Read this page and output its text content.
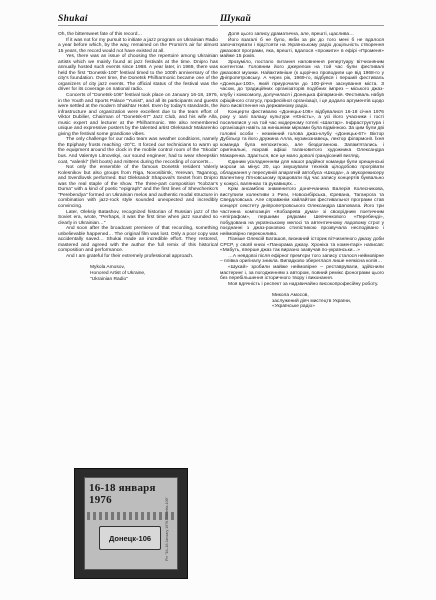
Shukai

Oh, the bittersweet fate of this record…

If it was not for my pursuit to initiate a jazz program on Ukrainian Radio a year before which, by the way, remained on the Promin's air for almost 15 years, the record would not have existed at all.

Yes, there was an issue of choosing the repertoire among Ukrainian artists which we mainly found at jazz festivals at the time. Dnipro has annually hosted such events since 1968. A year later, in 1969, there was held the first "Donetsk-100" festival timed to the 100th anniversary of the city's foundation. Over time, the Donetsk Philharmonic became one of the organizers of city jazz events. The official status of the festival was the driver for its coverage on national radio.

Concerts of "Donetsk-106" festival took place on January 16-18, 1976, in the Youth and Sports Palace "Yunist", and all its participants and guests were settled at the modern Shakhtar Hotel. Even by today's standards, the infrastructure and organization were excellent due to the team effort of Viktor Dubilier, Chairman of "Donetsk-67" Jazz Club, and his wife Alla, music expert and lecturer at the Philharmonic. We also remembered unique and expressive posters by the talented artist Oleksandr Makarenko giving the festival some grandiose vibes.

The only challenge for our radio team was weather conditions, namely the Epiphany frosts reaching -20°C. It forced our technicians to warm up the equipment around the clock in the mobile control room of the "Skoda" bus. And Valentyn Litnovskyi, our sound engineer, had to wear sheepskin coat, "valenki" (felt boots) and mittens during the recording of concerts…

Not only the ensemble of the famous Donetsk resident Valeriy Kolesnikov but also groups from Riga, Novosibirsk, Yerevan, Taganrog, and Sverdlovsk performed. But Oleksandr Shapoval's Sextet from Dnipro was the real staple of the show. The three-part composition "Kobzar's Duma" with a kind of poetic "epigraph" and the first lines of Shevchenko's "Perebendya" formed on Ukrainian melos and authentic modal structure in combination with jazz-rock style sounded unexpected and incredibly convincing.

Later, Oleksiy Batashov, recognized historian of Russian jazz of the Soviet era, wrote, "Perhaps, it was the first time when jazz sounded so clearly in Ukrainian…"

And soon after the broadcast premiere of that recording, something unbelievable happened… The original film was lost. Only a poor copy was accidentally saved… Shukai made an incredible effort. They restored, mastered and agreed with the author the full remix of this historical composition and performance.

And I am grateful for their extremely professional approach.

Mykola Amosov,
Honored Artist of Ukraine,
"Ukrainian Radio"
Шукай

Доля цього запису драматична, але, врешті, щаслива…

Його взагалі б не було, якби за рік до того мені б не вдалося започаткувати і відстояти на Українському радіо доцільність створення джазової програми, яка, врешті, вдалося «прожити» в ефірі «Променя» майже 15 років.

Зрозуміло, постало питання наповнення репертуару вітчизняним контентом. Головним його джерелом на той час були фестивалі джазової музики. Найактивніше (к щорічно проводили ще від 1968-го у Дніпропетровську. А через рік, 1969-го, відбувся і перший фестиваль «Донецьк-100», який приурочили до 100-річчя заснування міста. З часом, до традиційних організаторів подібних імпрез – міського джаз-клубу і комсомолу, долучилася і Донецька філармонія. Фестиваль набув офіційного статусу, професійної організації, і це додало аргументів щодо його висвітлення на державному радіо.

Концерти фестивалю «Донецьк-106» відбувалися 16-18 січня 1976 року у залі палацу культури «Юність», а усі його учасники і гості поселилися у на той час модерному готелі «Шахтар». Інфраструктура і організація навіть за нинішніми мірками була відмінною. За цим були дві головні особи - незмінний голова джаз-клубу «Донецьк-67» Віктор Дубільєр та його дружина Алла, музикознавець, лектор філармонії. Їхня команда була непохитною, але бездоганною. Запам'ятались і оригінальні, яскраві афіші талановитого художника Олександра Макаренка. Здається, все це мало доволі грандіозний вигляд.

Єдиним ускладненням для нашої радійної команди були хрещенські морози за мінус 20, що змушували техніків цілодобово прогрівати обладнання у пересувній апаратній автобуса «Шкода», а звукорежисеру Валентину Літновському працювати під час запису концертів буквально у кожусі, валянках та рукавицях…

Крім ансамблю знаменитого донеччанина Валерія Колесникова, виступили колективи з Риги, Новосибірська, Єревана, Таганрога та Свердловська. Але справжнім хайлайтом фестивальної програми став концерт секстету дніпропетровського Олександра Шаповала. Його три частинна композиція «Кобзарева дума» зі своєрідним поетичним «епіграфом», першими рядками Шевченкового «Перебенді», побудована на українському мелосі та автентичному ладовому строї у поєднанні з джаз-роковою стилістикою прозвучала несподівано і неймовірно переконливо.

Пізніше Олексій Баташов, визнаний історик вітчизняного джазу доби СРСР, у своїй книзі «Панорама джазу. Хроніка та коментарі» написав: «Мабуть, вперше джаз так виразно зазвучав по-українськи…»

…А невдовзі після ефірної прем'єри того запису сталося неймовірне – плівка оригіналу зникла. Випадково збереглася лише неякісна копія…

«Шукай» зробили майже неймовірне – реставрували, здійснили мастеринг і, за погодженням з автором, повний ремікс фонограми цього без перебільшення історичного твору і виконання.

Моя вдячність і респект за надзвичайно високопрофесійну роботу.

Микола Амосов,
заслужений діяч мистецтв України,
«Українське радіо»
16-18 января 1976
Донецк-106	Pin "16–18 January 1976. Donetsk-106"
